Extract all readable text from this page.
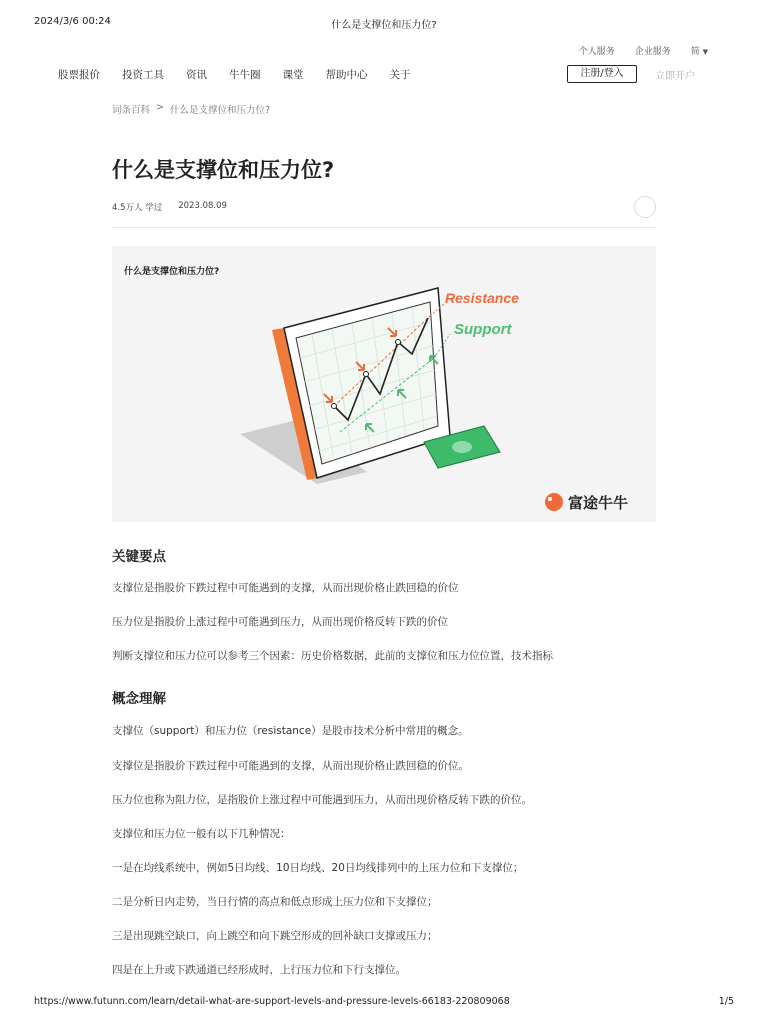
2024/3/6 00:24	什么是支撑位和压力位?
个人服务 企业服务 简 ▼
股票报价 投资工具 资讯 牛牛圈 课堂 帮助中心 关于	注册/登入	立即开户
词条百科 > 什么是支撑位和压力位?
什么是支撑位和压力位?
4.5万人 学过 2023.08.09
Resistance
Support
富途牛牛
什么是支撑位和压力位?
关键要点
支撑位是指股价下跌过程中可能遇到的支撑，从而出现价格止跌回稳的价位
压力位是指股价上涨过程中可能遇到压力，从而出现价格反转下跌的价位
判断支撑位和压力位可以参考三个因素：历史价格数据，此前的支撑位和压力位位置，技术指标
概念理解
支撑位（support）和压力位（resistance）是股市技术分析中常用的概念。
支撑位是指股价下跌过程中可能遇到的支撑，从而出现价格止跌回稳的价位。
压力位也称为阻力位，是指股价上涨过程中可能遇到压力，从而出现价格反转下跌的价位。
支撑位和压力位一般有以下几种情况：
一是在均线系统中，例如5日均线、10日均线、20日均线排列中的上压力位和下支撑位；
二是分析日内走势，当日行情的高点和低点形成上压力位和下支撑位；
三是出现跳空缺口，向上跳空和向下跳空形成的回补缺口支撑或压力；
四是在上升或下跌通道已经形成时，上行压力位和下行支撑位。
https://www.futunn.com/learn/detail-what-are-support-levels-and-pressure-levels-66183-220809068	1/5
